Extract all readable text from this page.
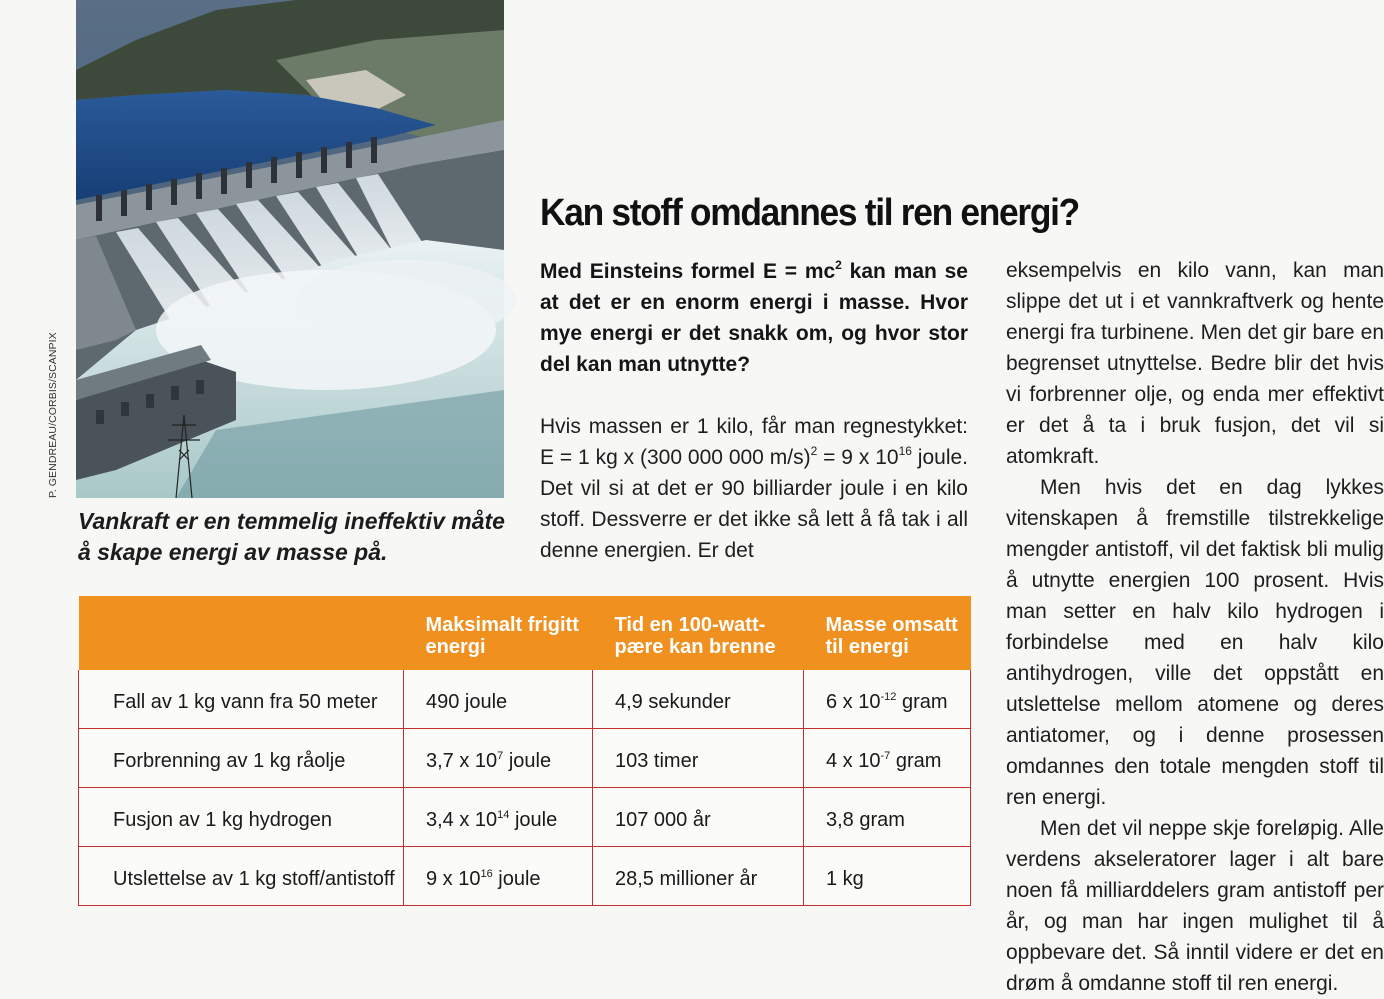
P. GENDREAU/CORBIS/SCANPIX
Vankraft er en temmelig ineffektiv måte å skape energi av masse på.
Kan stoff omdannes til ren energi?

Med Einsteins formel $E = mc^2$ kan man se at det er en enorm energi i masse. Hvor mye energi er det snakk om, og hvor stor del kan man utnytte?

Hvis massen er 1 kilo, får man regnestykket: E = 1 kg x (300 000 000 m/s)$^2$ = 9 x $10^{16}$ joule. Det vil si at det er 90 billiarder joule i en kilo stoff. Dessverre er det ikke så lett å få tak i all denne energien. Er det

eksempelvis en kilo vann, kan man slippe det ut i et vannkraftverk og hente energi fra turbinene. Men det gir bare en begrenset utnyttelse. Bedre blir det hvis vi forbrenner olje, og enda mer effektivt er det å ta i bruk fusjon, det vil si atomkraft.

Men hvis det en dag lykkes vitenskapen å fremstille tilstrekkelige mengder antistoff, vil det faktisk bli mulig å utnytte energien 100 prosent. Hvis man setter en halv kilo hydrogen i forbindelse med en halv kilo antihydrogen, ville det oppstått en utslettelse mellom atomene og deres antiatomer, og i denne prosessen omdannes den totale mengden stoff til ren energi.

Men det vil neppe skje foreløpig. Alle verdens akseleratorer lager i alt bare noen få milliarddelers gram antistoff per år, og man har ingen mulighet til å oppbevare det. Så inntil videre er det en drøm å omdanne stoff til ren energi.

	Maksimalt frigitt energi	Tid en 100-watt-pære kan brenne	Masse omsatt til energi
Fall av 1 kg vann fra 50 meter	490 joule	4,9 sekunder	6 x $10^{-12}$ gram
Forbrenning av 1 kg råolje	3,7 x $10^7$ joule	103 timer	4 x $10^{-7}$ gram
Fusjon av 1 kg hydrogen	3,4 x $10^{14}$ joule	107 000 år	3,8 gram
Utslettelse av 1 kg stoff/antistoff	9 x $10^{16}$ joule	28,5 millioner år	1 kg
